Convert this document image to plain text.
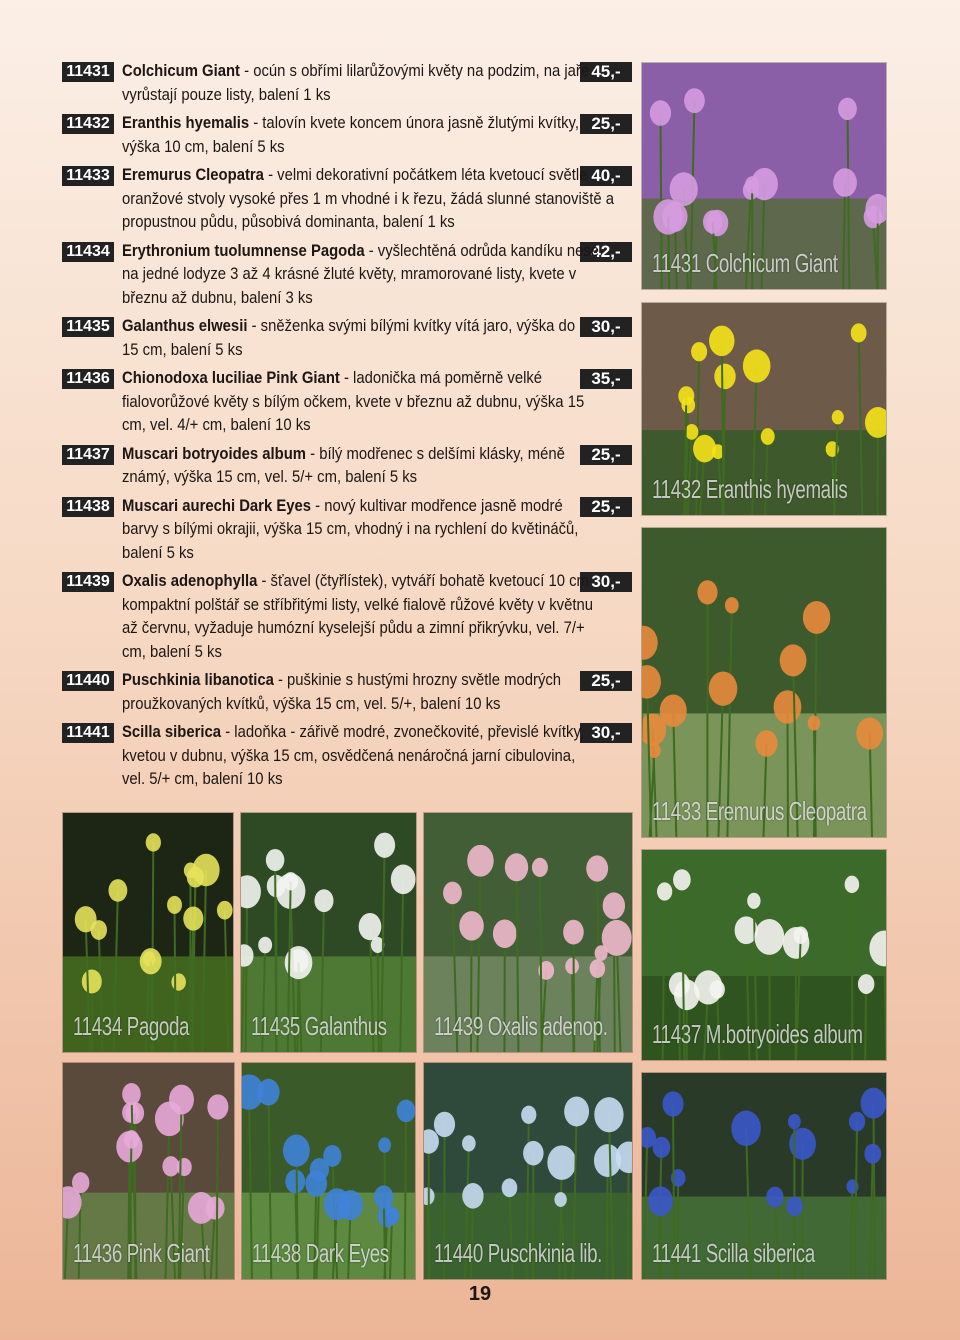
11431	45,-
Colchicum Giant - ocún s obřími lilarůžovými květy na podzim, na jaře vyrůstají pouze listy, balení 1 ks
11432	25,-
Eranthis hyemalis - talovín kvete koncem února jasně žlutými kvítky, výška 10 cm, balení 5 ks
11433	40,-
Eremurus Cleopatra - velmi dekorativní počátkem léta kvetoucí světle oranžové stvoly vysoké přes 1 m vhodné i k řezu, žádá slunné stanoviště a propustnou půdu, působivá dominanta, balení 1 ks
11434	42,-
Erythronium tuolumnense Pagoda - vyšlechtěná odrůda kandíku nese na jedné lodyze 3 až 4 krásné žluté květy, mramorované listy, kvete v březnu až dubnu, balení 3 ks
11435	30,-
Galanthus elwesii - sněženka svými bílými kvítky vítá jaro, výška do 15 cm, balení 5 ks
11436	35,-
Chionodoxa luciliae Pink Giant - ladonička má poměrně velké fialovorůžové květy s bílým očkem, kvete v březnu až dubnu, výška 15 cm, vel. 4/+ cm, balení 10 ks
11437	25,-
Muscari botryoides album - bílý modřenec s delšími klásky, méně známý, výška 15 cm, vel. 5/+ cm, balení 5 ks
11438	25,-
Muscari aurechi Dark Eyes - nový kultivar modřence jasně modré barvy s bílými okrajii, výška 15 cm, vhodný i na rychlení do květináčů, balení 5 ks
11439	30,-
Oxalis adenophylla - šťavel (čtyřlístek), vytváří bohatě kvetoucí 10 cm kompaktní polštář se stříbřitými listy, velké fialově růžové květy v květnu až červnu, vyžaduje humózní kyselejší půdu a zimní přikrývku, vel. 7/+ cm, balení 5 ks
11440	25,-
Puschkinia libanotica - puškinie s hustými hrozny světle modrých proužkovaných kvítků, výška 15 cm, vel. 5/+, balení 10 ks
11441	30,-
Scilla siberica - ladoňka - zářivě modré, zvonečkovité, převislé kvítky, kvetou v dubnu, výška 15 cm, osvědčená nenáročná jarní cibulovina, vel. 5/+ cm, balení 10 ks
11431 Colchicum Giant
11432 Eranthis hyemalis
11433 Eremurus Cleopatra
11437 M.botryoides album
11434 Pagoda 11435 Galanthus 11439 Oxalis adenop.
11436 Pink Giant 11438 Dark Eyes 11440 Puschkinia lib. 11441 Scilla siberica
19
